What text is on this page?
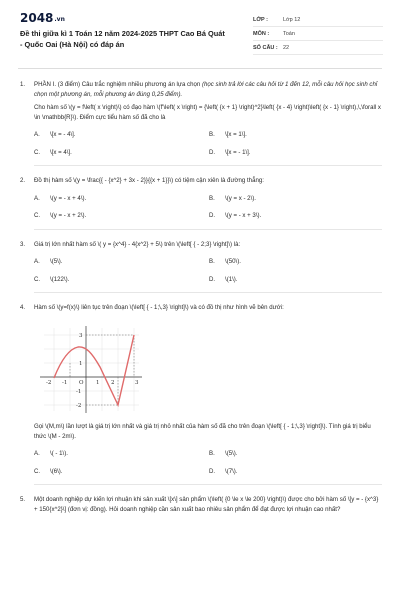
2048.vn
Đề thi giữa kì 1 Toán 12 năm 2024-2025 THPT Cao Bá Quát - Quốc Oai (Hà Nội) có đáp án
LỚP :	Lớp 12
MÔN :	Toán
SỐ CÂU : 22
1. PHẦN I. (3 điểm) Câu trắc nghiệm nhiều phương án lựa chọn (học sinh trả lời các câu hỏi từ 1 đến 12, mỗi câu hỏi học sinh chỉ chọn một phương án, mỗi phương án đúng 0,25 điểm).

Cho hàm số \(y = f\left( x \right)\) có đạo hàm \(f'\left( x \right) = {\left( {x + 1} \right)^2}\left( {x - 4} \right)\left( {x - 1} \right),\,\forall x \in \mathbb{R}\). Điểm cực tiểu hàm số đã cho là

A.	\[x = - 4\].	B.	\[x = 1\].
C.	\[x = 4\].	D.	\[x = - 1\].
2. Đồ thị hàm số \(y = \frac{{ - {x^2} + 3x - 2}}{{x + 1}}\) có tiệm cận xiên là đường thẳng:

A.	\(y = - x + 4\).	B.	\(y = x - 2\).
C.	\(y = - x + 2\).	D.	\(y = - x + 3\).
3. Giá trị lớn nhất hàm số \( y = {x^4} - 4{x^2} + 5\) trên \(\left[ { - 2;3} \right]\) là:

A.	\(5\).	B.	\(50\).
C.	\(122\).	D.	\(1\).
4. Hàm số \(y=f(x)\) liên tục trên đoạn \(\left[ { - 1;\,3} \right]\) và có đồ thị như hình vẽ bên dưới:

-2 -1 O 1 2	3
3
1
-1
-2

Gọi \(M,m\) lần lượt là giá trị lớn nhất và giá trị nhỏ nhất của hàm số đã cho trên đoạn \(\left[ { - 1;\,3} \right]\). Tính giá trị biểu thức \(M - 2m\).

A.	\( - 1\).	B.	\(5\).
C.	\(6\).	D.	\(7\).
5. Một doanh nghiệp dự kiến lợi nhuận khi sản xuất \[x\] sản phẩm \(\left( {0 \le x \le 200} \right)\) được cho bởi hàm số \[y = - {x^3} + 150{x^2}\] (đơn vị: đồng). Hỏi doanh nghiệp cần sản xuất bao nhiêu sản phẩm để đạt được lợi nhuận cao nhất?
